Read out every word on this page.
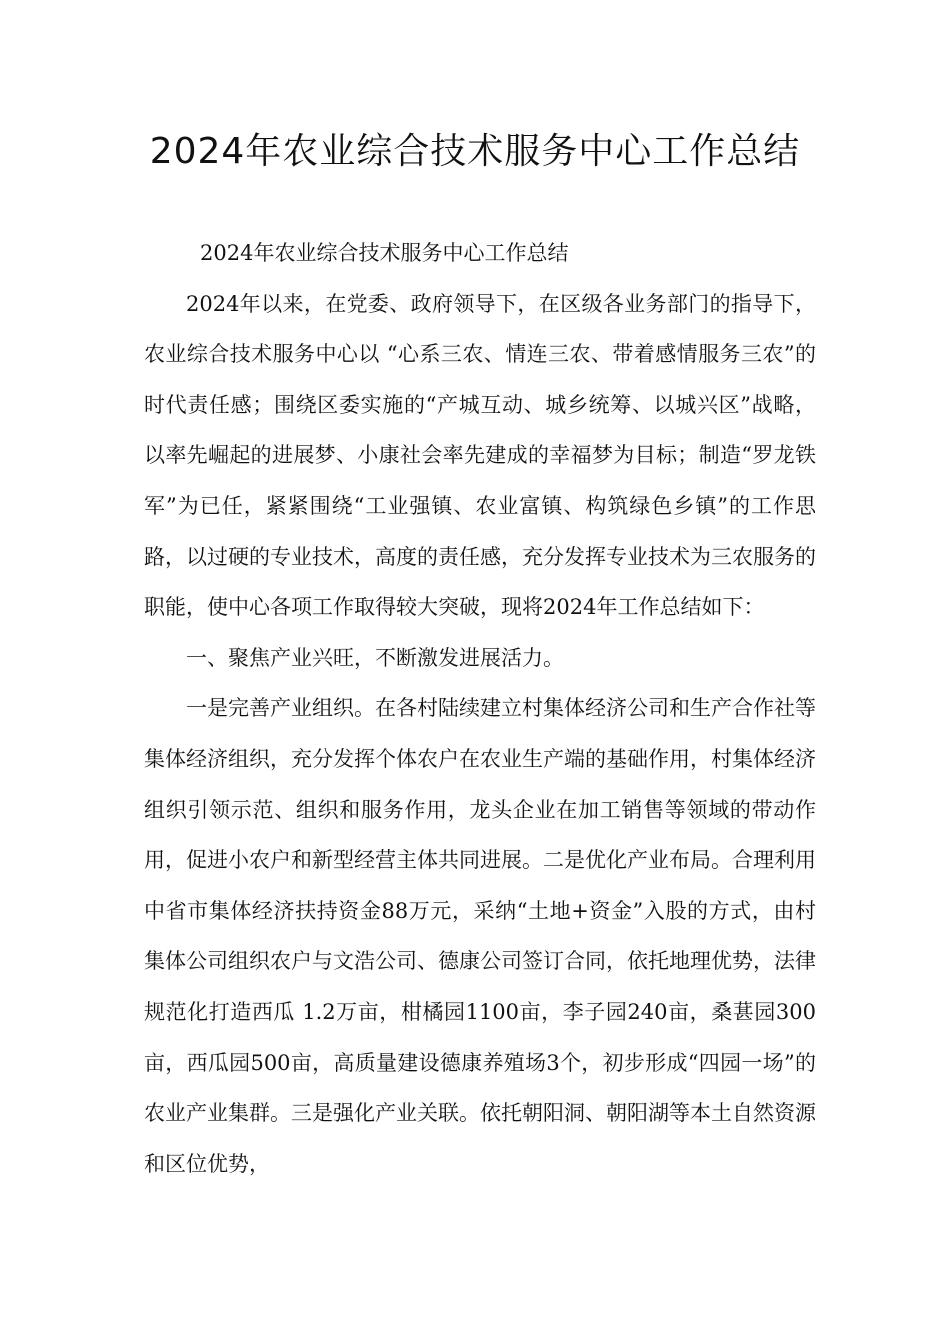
2024年农业综合技术服务中心工作总结

2024年农业综合技术服务中心工作总结

2024年以来，在党委、政府领导下，在区级各业务部门的指导下，农业综合技术服务中心以 “心系三农、情连三农、带着感情服务三农”的时代责任感；围绕区委实施的“产城互动、城乡统筹、以城兴区”战略，以率先崛起的进展梦、小康社会率先建成的幸福梦为目标；制造“罗龙铁军”为已任，紧紧围绕“工业强镇、农业富镇、构筑绿色乡镇”的工作思路，以过硬的专业技术，高度的责任感，充分发挥专业技术为三农服务的职能，使中心各项工作取得较大突破，现将2024年工作总结如下：

一、聚焦产业兴旺，不断激发进展活力。

一是完善产业组织。在各村陆续建立村集体经济公司和生产合作社等集体经济组织，充分发挥个体农户在农业生产端的基础作用，村集体经济组织引领示范、组织和服务作用，龙头企业在加工销售等领域的带动作用，促进小农户和新型经营主体共同进展。二是优化产业布局。合理利用中省市集体经济扶持资金88万元，采纳“土地+资金”入股的方式，由村集体公司组织农户与文浩公司、德康公司签订合同，依托地理优势，法律规范化打造西瓜 1.2万亩，柑橘园1100亩，李子园240亩，桑葚园300亩，西瓜园500亩，高质量建设德康养殖场3个，初步形成“四园一场”的农业产业集群。三是强化产业关联。依托朝阳洞、朝阳湖等本土自然资源和区位优势，
